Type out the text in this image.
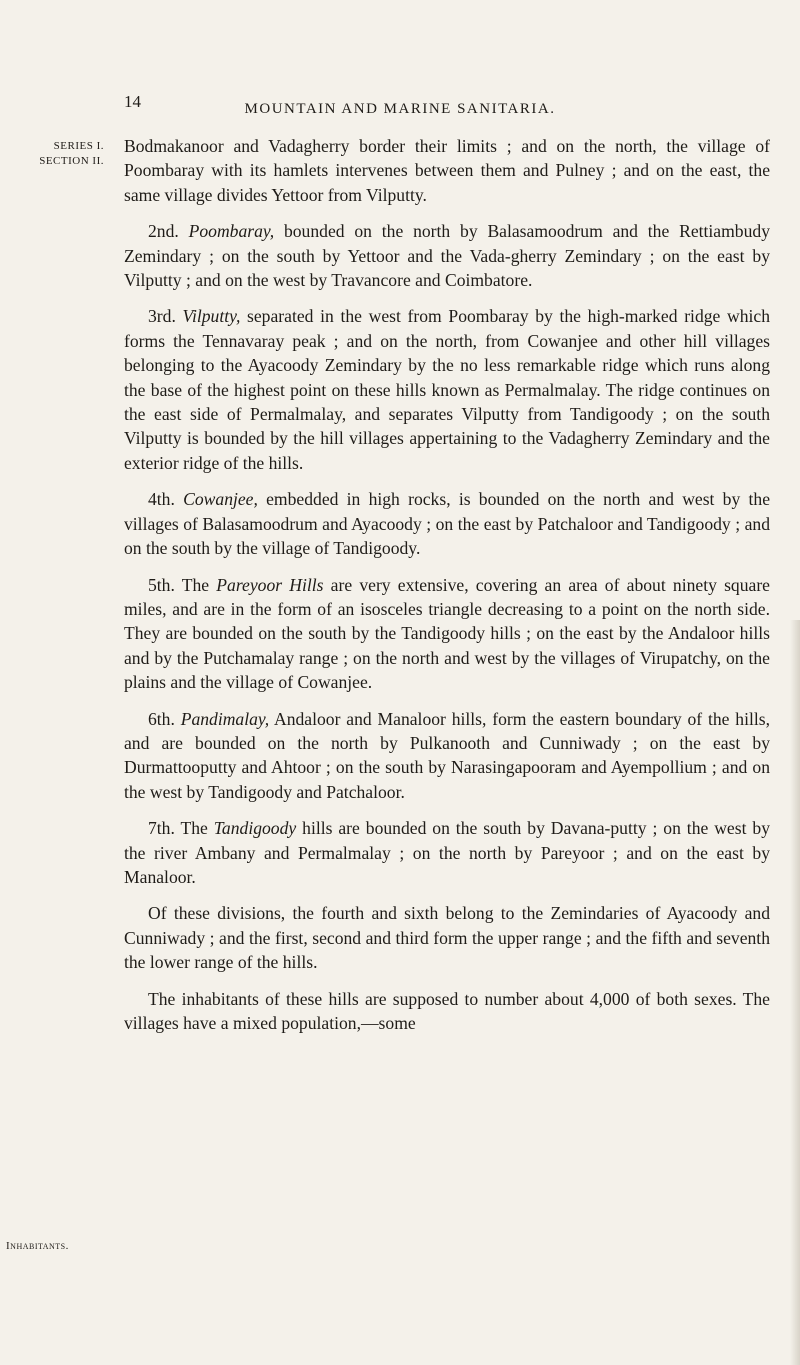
14	MOUNTAIN AND MARINE SANITARIA.
SERIES I.
SECTION II.
Inhabitants.

Bodmakanoor and Vadagherry border their limits ; and on the north, the village of Poombaray with its hamlets intervenes between them and Pulney ; and on the east, the same village divides Yettoor from Vilputty.

2nd. Poombaray, bounded on the north by Balasamoodrum and the Rettiambudy Zemindary ; on the south by Yettoor and the Vada-gherry Zemindary ; on the east by Vilputty ; and on the west by Travancore and Coimbatore.

3rd. Vilputty, separated in the west from Poombaray by the high-marked ridge which forms the Tennavaray peak ; and on the north, from Cowanjee and other hill villages belonging to the Ayacoody Zemindary by the no less remarkable ridge which runs along the base of the highest point on these hills known as Permalmalay. The ridge continues on the east side of Permalmalay, and separates Vilputty from Tandigoody ; on the south Vilputty is bounded by the hill villages appertaining to the Vadagherry Zemindary and the exterior ridge of the hills.

4th. Cowanjee, embedded in high rocks, is bounded on the north and west by the villages of Balasamoodrum and Ayacoody ; on the east by Patchaloor and Tandigoody ; and on the south by the village of Tandigoody.

5th. The Pareyoor Hills are very extensive, covering an area of about ninety square miles, and are in the form of an isosceles triangle decreasing to a point on the north side. They are bounded on the south by the Tandigoody hills ; on the east by the Andaloor hills and by the Putchamalay range ; on the north and west by the villages of Virupatchy, on the plains and the village of Cowanjee.

6th. Pandimalay, Andaloor and Manaloor hills, form the eastern boundary of the hills, and are bounded on the north by Pulkanooth and Cunniwady ; on the east by Durmattooputty and Ahtoor ; on the south by Narasingapooram and Ayempollium ; and on the west by Tandigoody and Patchaloor.

7th. The Tandigoody hills are bounded on the south by Davana-putty ; on the west by the river Ambany and Permalmalay ; on the north by Pareyoor ; and on the east by Manaloor.

Of these divisions, the fourth and sixth belong to the Zemindaries of Ayacoody and Cunniwady ; and the first, second and third form the upper range ; and the fifth and seventh the lower range of the hills.

The inhabitants of these hills are supposed to number about 4,000 of both sexes. The villages have a mixed population,—some
